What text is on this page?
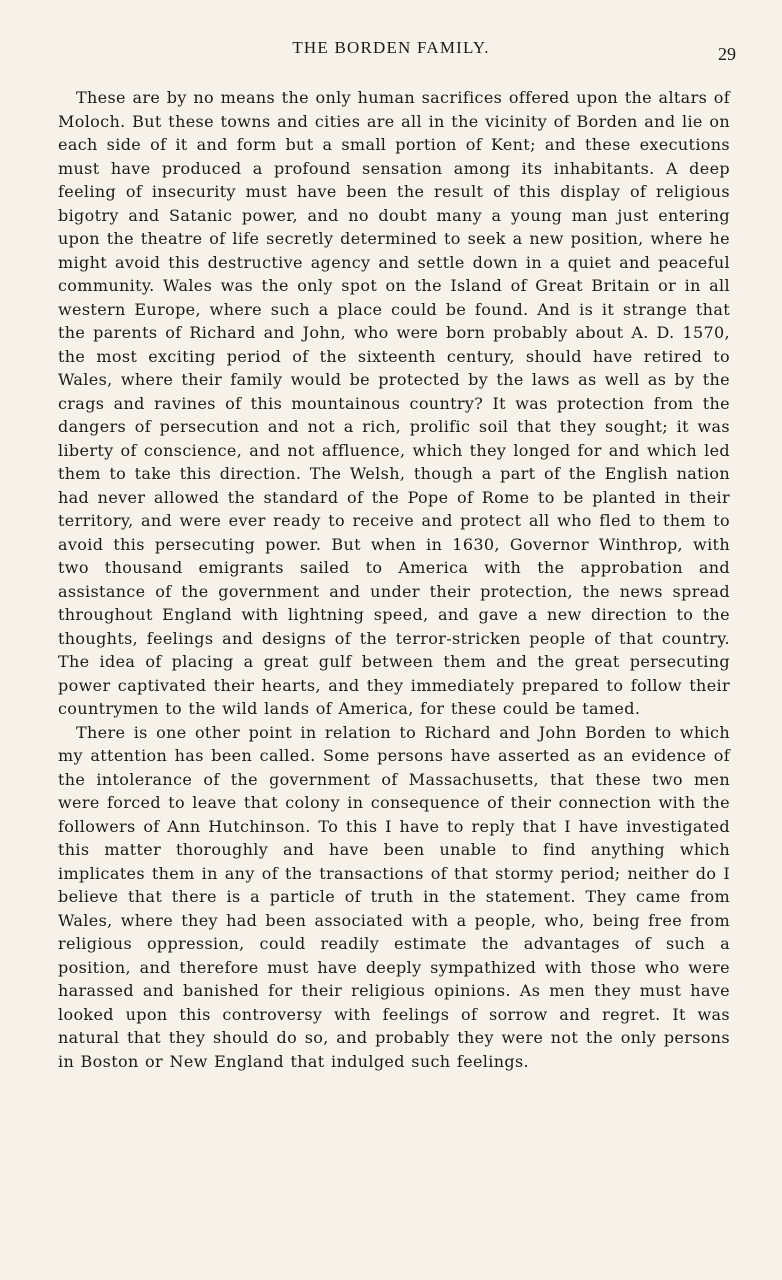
THE BORDEN FAMILY.	29

These are by no means the only human sacrifices offered upon the altars of Moloch. But these towns and cities are all in the vicinity of Borden and lie on each side of it and form but a small portion of Kent; and these executions must have produced a profound sensation among its inhabitants. A deep feeling of insecurity must have been the result of this display of religious bigotry and Satanic power, and no doubt many a young man just entering upon the theatre of life secretly determined to seek a new position, where he might avoid this destructive agency and settle down in a quiet and peaceful community. Wales was the only spot on the Island of Great Britain or in all western Europe, where such a place could be found. And is it strange that the parents of Richard and John, who were born probably about A. D. 1570, the most exciting period of the sixteenth century, should have retired to Wales, where their family would be protected by the laws as well as by the crags and ravines of this mountainous country? It was protection from the dangers of persecution and not a rich, prolific soil that they sought; it was liberty of conscience, and not affluence, which they longed for and which led them to take this direction. The Welsh, though a part of the English nation had never allowed the standard of the Pope of Rome to be planted in their territory, and were ever ready to receive and protect all who fled to them to avoid this persecuting power. But when in 1630, Governor Winthrop, with two thousand emigrants sailed to America with the approbation and assistance of the government and under their protection, the news spread throughout England with lightning speed, and gave a new direction to the thoughts, feelings and designs of the terror-stricken people of that country. The idea of placing a great gulf between them and the great persecuting power captivated their hearts, and they immediately prepared to follow their countrymen to the wild lands of America, for these could be tamed.

There is one other point in relation to Richard and John Borden to which my attention has been called. Some persons have asserted as an evidence of the intolerance of the government of Massachusetts, that these two men were forced to leave that colony in consequence of their connection with the followers of Ann Hutchinson. To this I have to reply that I have investigated this matter thoroughly and have been unable to find anything which implicates them in any of the transactions of that stormy period; neither do I believe that there is a particle of truth in the statement. They came from Wales, where they had been associated with a people, who, being free from religious oppression, could readily estimate the advantages of such a position, and therefore must have deeply sympathized with those who were harassed and banished for their religious opinions. As men they must have looked upon this controversy with feelings of sorrow and regret. It was natural that they should do so, and probably they were not the only persons in Boston or New England that indulged such feelings.
